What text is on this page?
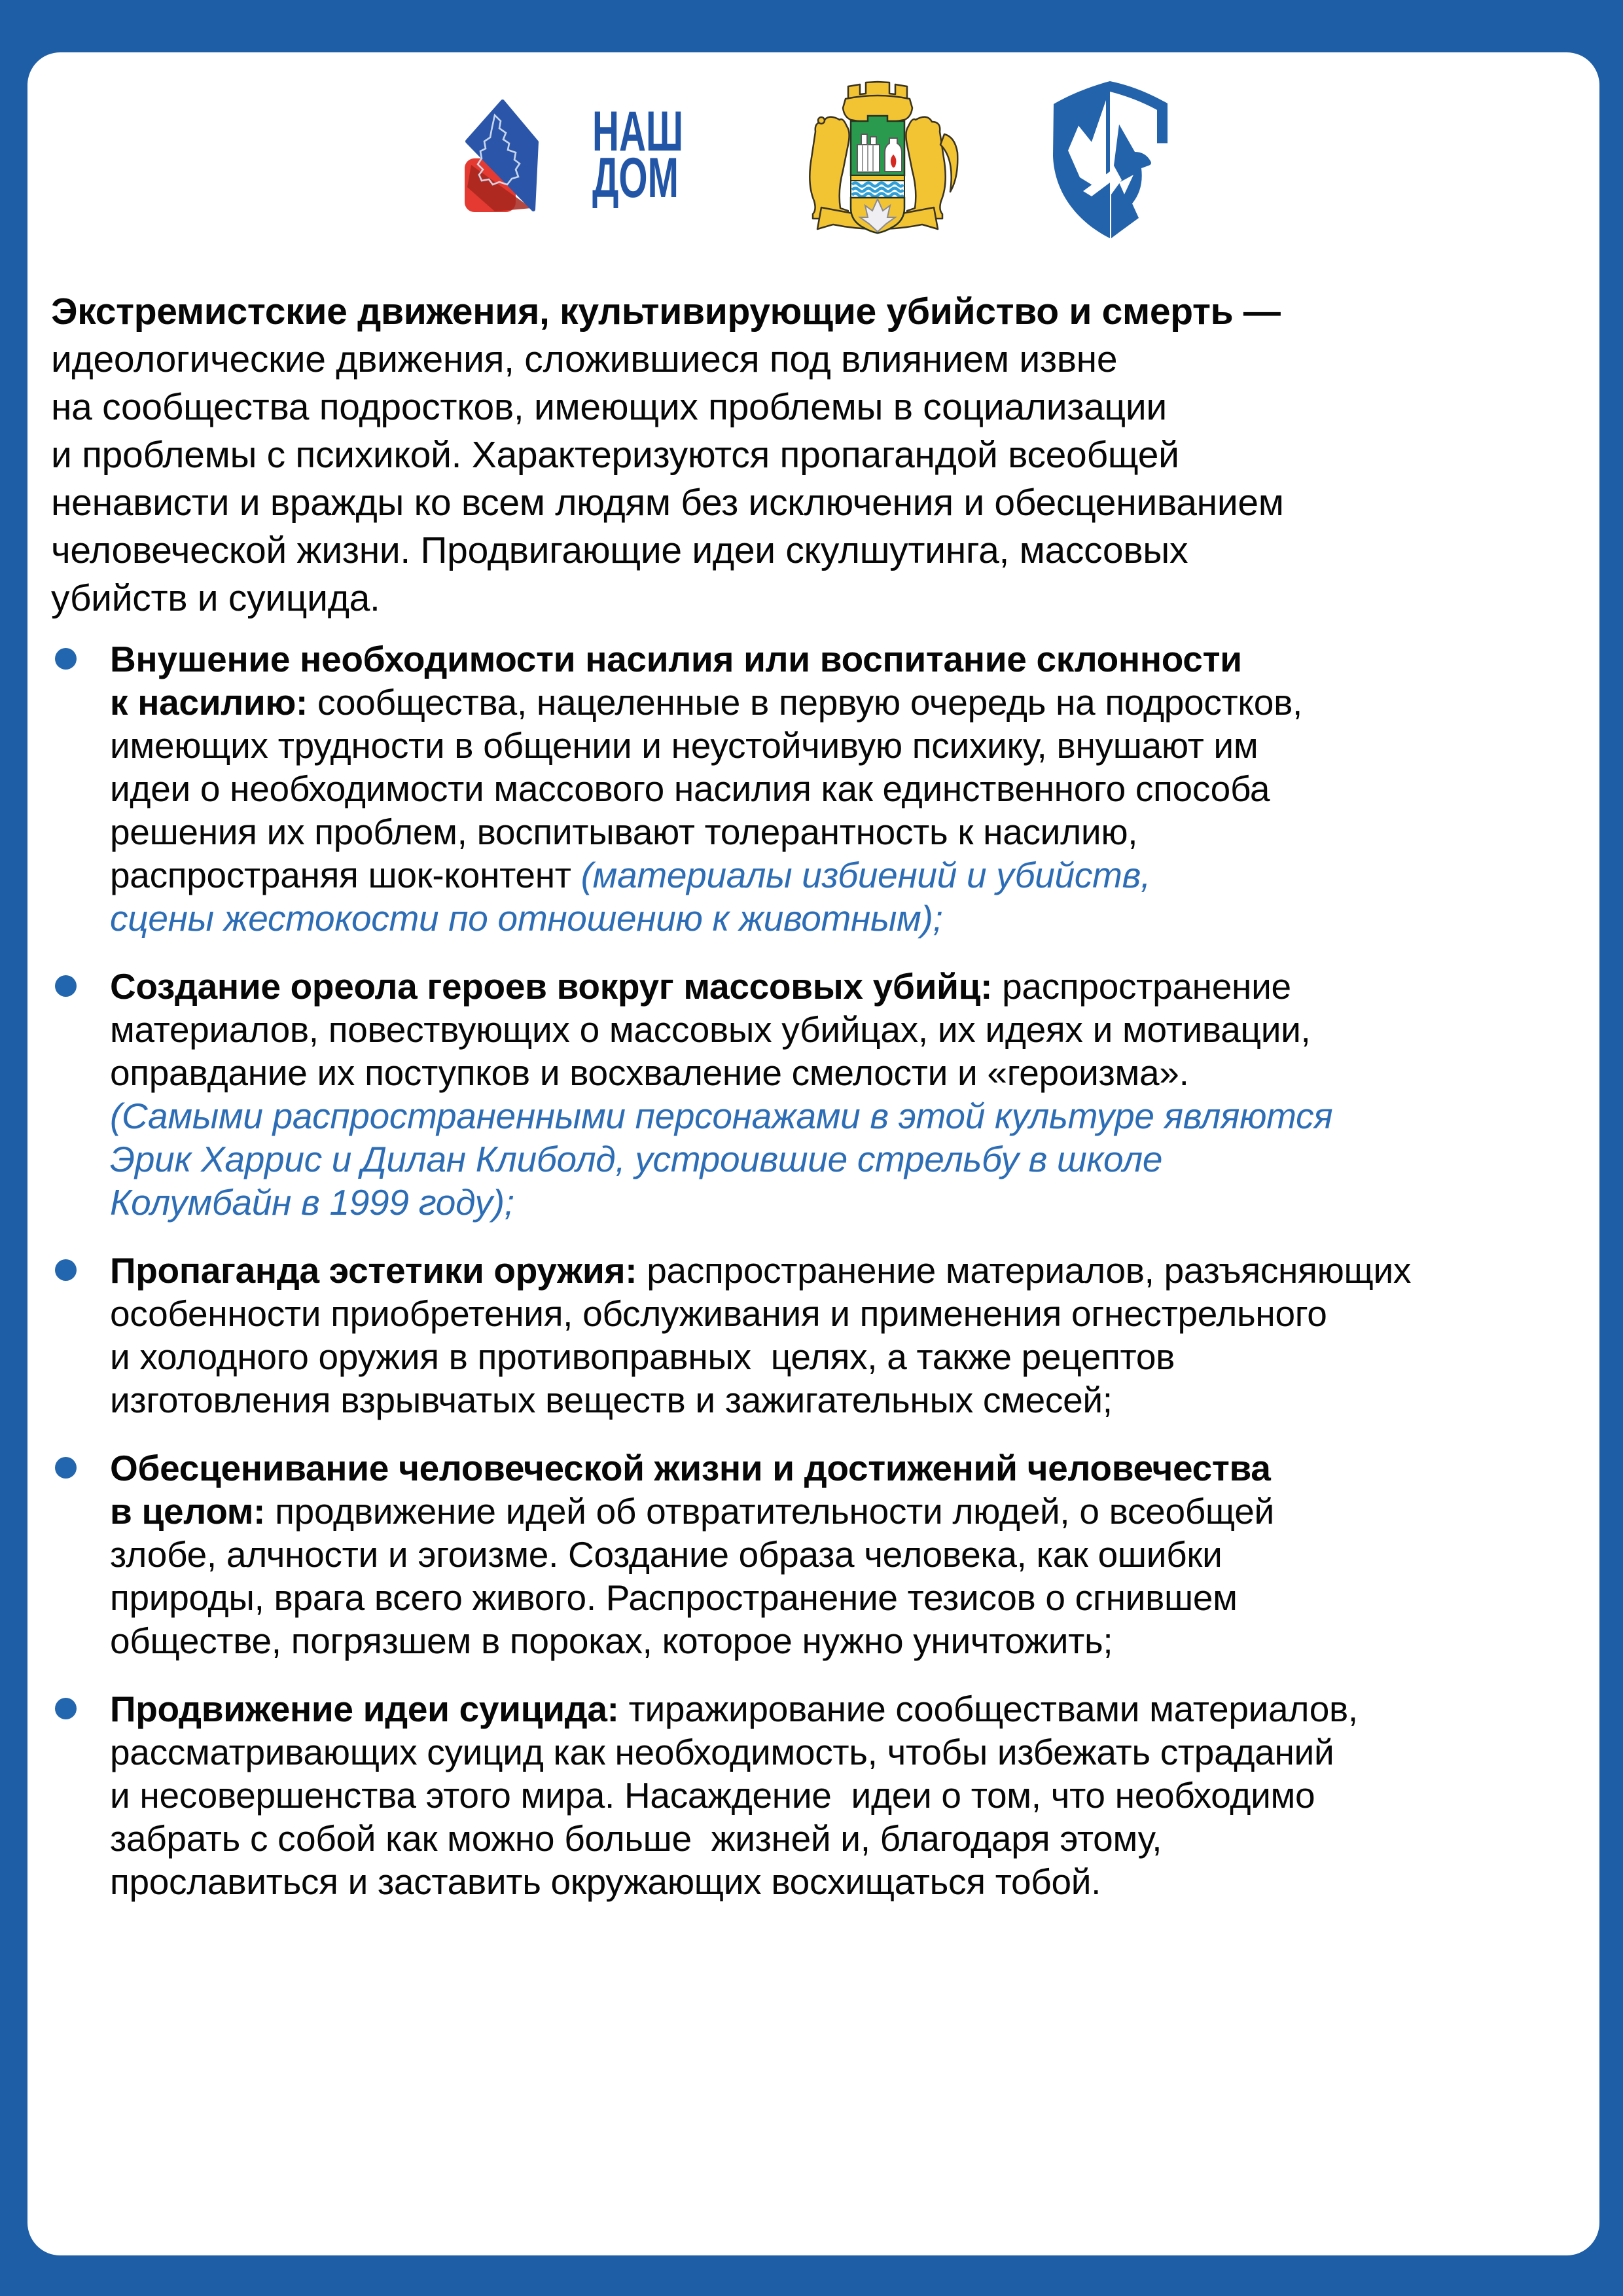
НАШ
ДОМ
Экстремистские движения, культивирующие убийство и смерть —
идеологические движения, сложившиеся под влиянием извне
на сообщества подростков, имеющих проблемы в социализации
и проблемы с психикой. Характеризуются пропагандой всеобщей
ненависти и вражды ко всем людям без исключения и обесцениванием
человеческой жизни. Продвигающие идеи скулшутинга, массовых
убийств и суицида.
Внушение необходимости насилия или воспитание склонности
к насилию: сообщества, нацеленные в первую очередь на подростков,
имеющих трудности в общении и неустойчивую психику, внушают им
идеи о необходимости массового насилия как единственного способа
решения их проблем, воспитывают толерантность к насилию,
распространяя шок-контент (материалы избиений и убийств,
сцены жестокости по отношению к животным);
Создание ореола героев вокруг массовых убийц: распространение
материалов, повествующих о массовых убийцах, их идеях и мотивации,
оправдание их поступков и восхваление смелости и «героизма».
(Самыми распространенными персонажами в этой культуре являются
Эрик Харрис и Дилан Клиболд, устроившие стрельбу в школе
Колумбайн в 1999 году);
Пропаганда эстетики оружия: распространение материалов, разъясняющих
особенности приобретения, обслуживания и применения огнестрельного
и холодного оружия в противоправных  целях, а также рецептов
изготовления взрывчатых веществ и зажигательных смесей;
Обесценивание человеческой жизни и достижений человечества
в целом: продвижение идей об отвратительности людей, о всеобщей
злобе, алчности и эгоизме. Создание образа человека, как ошибки
природы, врага всего живого. Распространение тезисов о сгнившем
обществе, погрязшем в пороках, которое нужно уничтожить;
Продвижение идеи суицида: тиражирование сообществами материалов,
рассматривающих суицид как необходимость, чтобы избежать страданий
и несовершенства этого мира. Насаждение  идеи о том, что необходимо
забрать с собой как можно больше  жизней и, благодаря этому,
прославиться и заставить окружающих восхищаться тобой.
